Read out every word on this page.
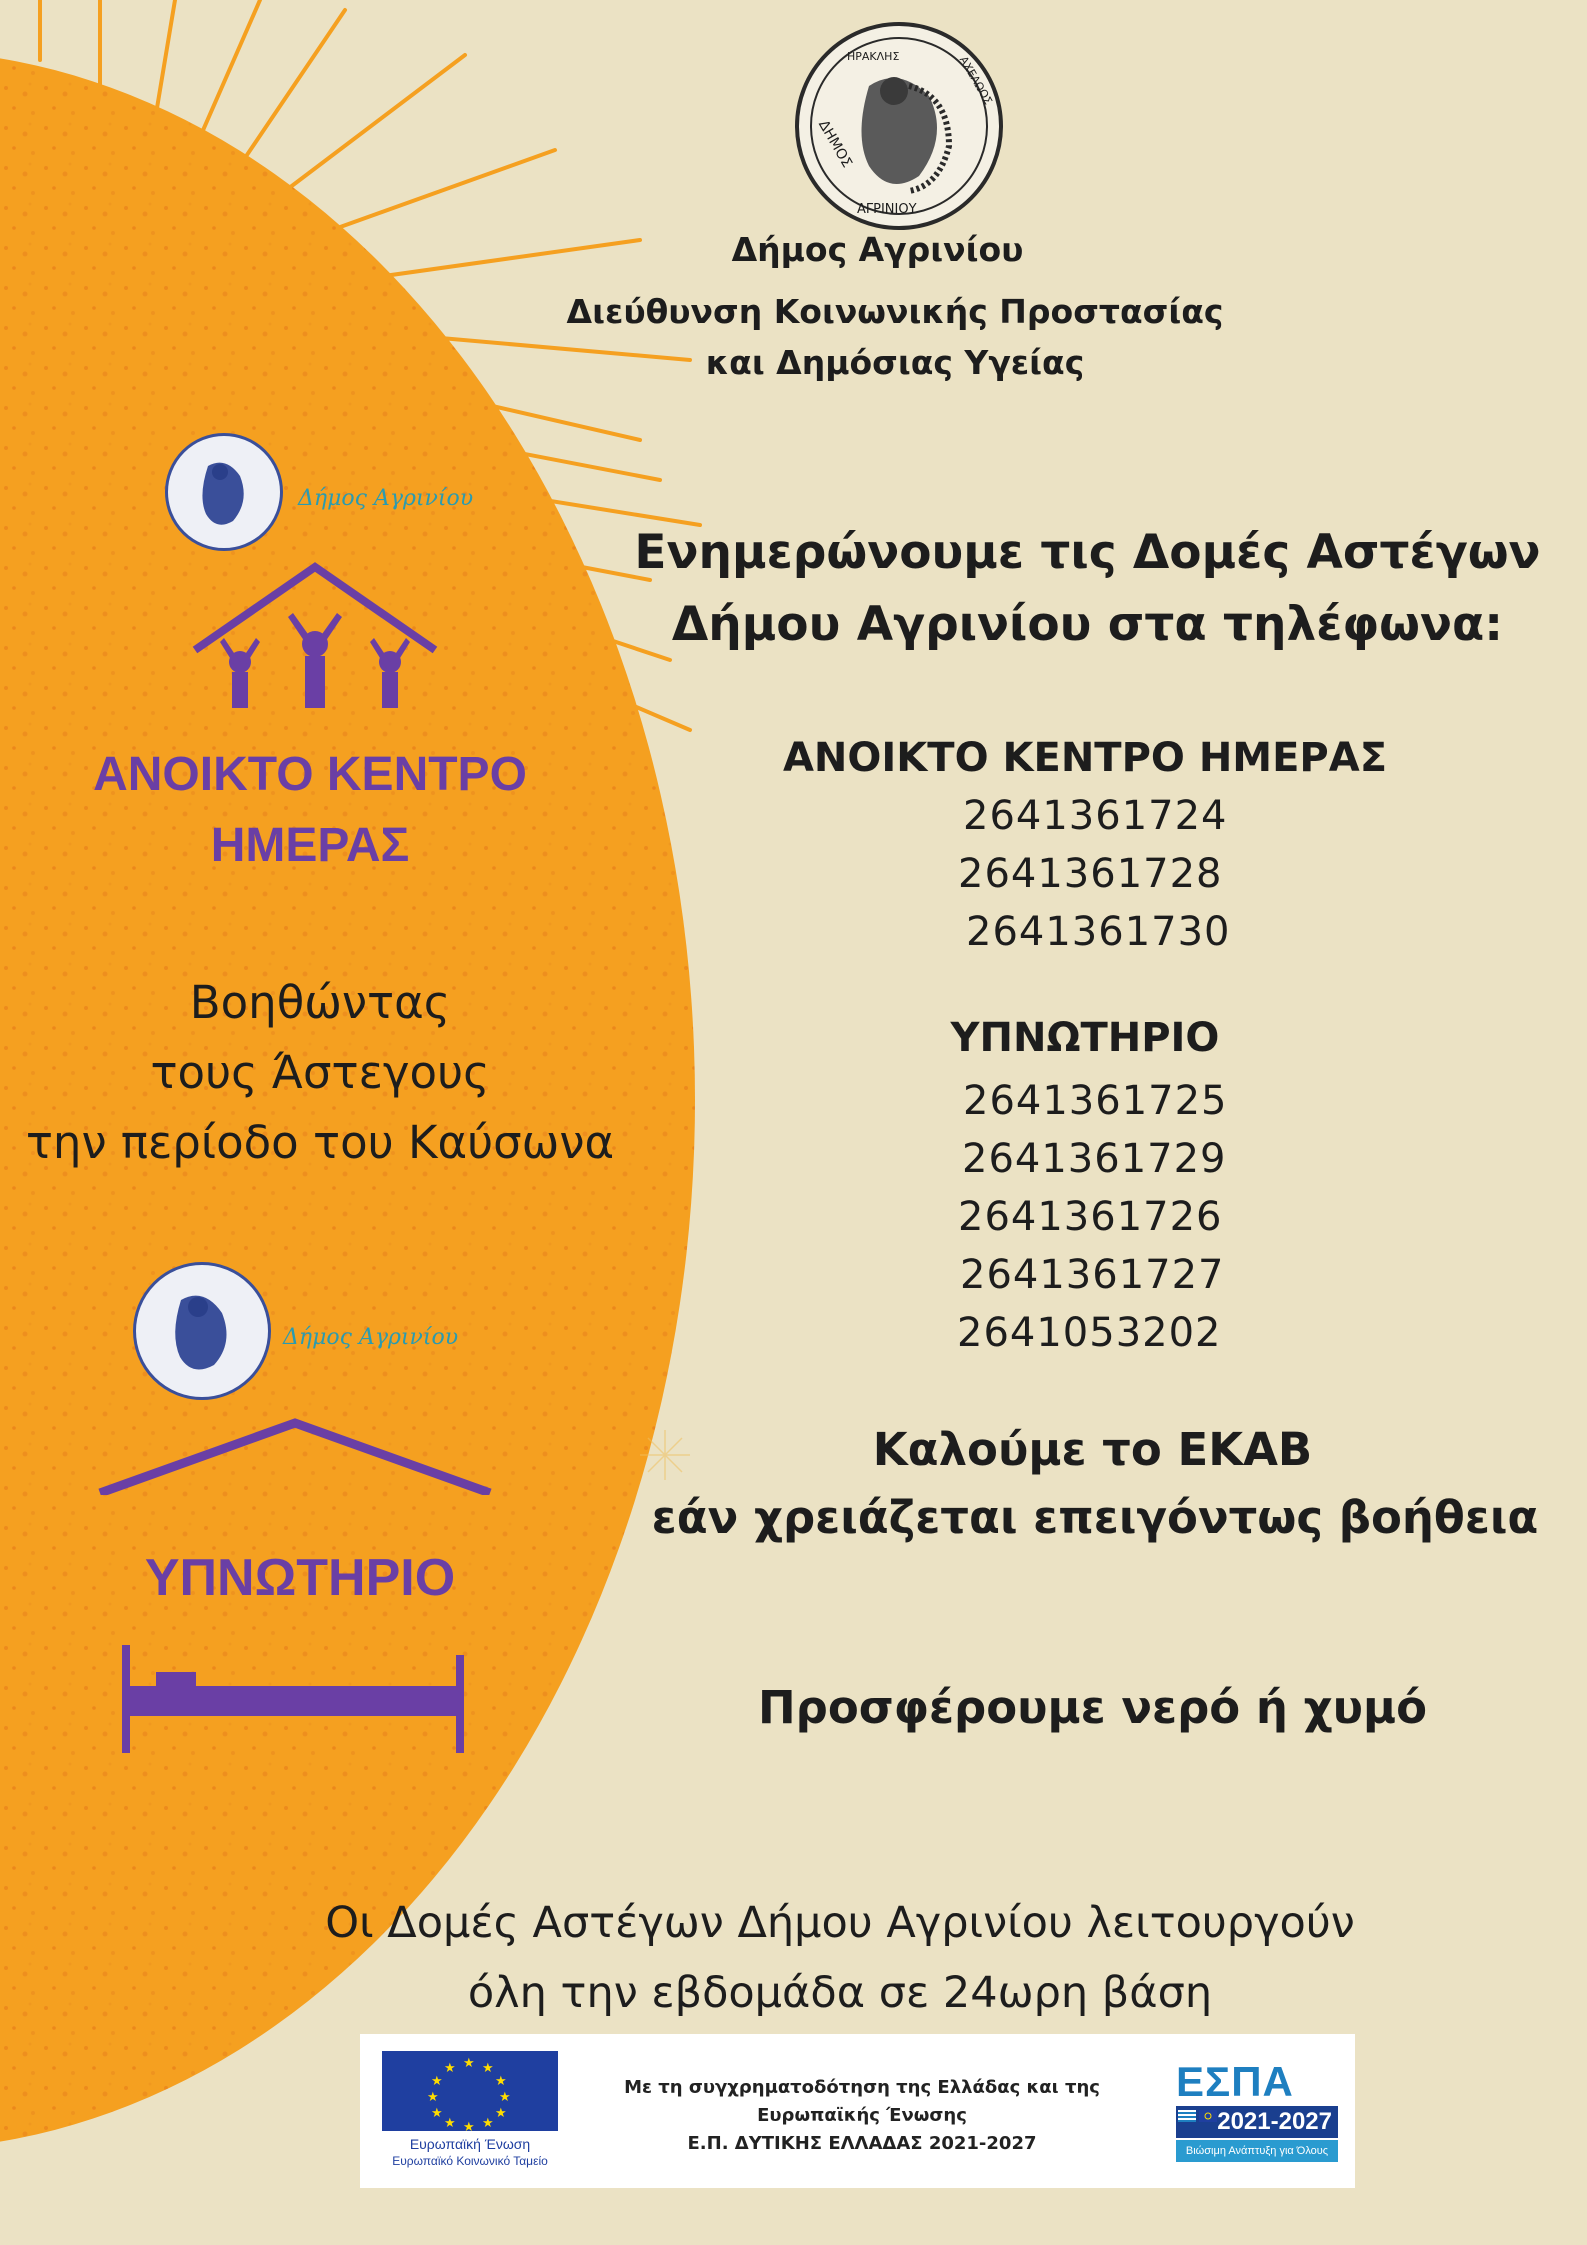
ΗΡΑΚΛΗΣ
ΔΗΜΟΣ
ΑΓΡΙΝΙΟΥ
ΑΧΕΛΩΟΣ
Δήμος Αγρινίου
Διεύθυνση Κοινωνικής Προστασίας
και Δημόσιας Υγείας
Δήμος Αγρινίου
ΑΝΟΙΚΤΟ ΚΕΝΤΡΟ
ΗΜΕΡΑΣ
Βοηθώντας
τους Άστεγους
την περίοδο του Καύσωνα
Δήμος Αγρινίου
ΥΠΝΩΤΗΡΙΟ
Ενημερώνουμε τις Δομές Αστέγων
Δήμου Αγρινίου στα τηλέφωνα:
ΑΝΟΙΚΤΟ ΚΕΝΤΡΟ ΗΜΕΡΑΣ
2641361724
2641361728
2641361730
ΥΠΝΩΤΗΡΙΟ
2641361725
2641361729
2641361726
2641361727
2641053202
Καλούμε το ΕΚΑΒ
εάν χρειάζεται επειγόντως βοήθεια
Προσφέρουμε νερό ή χυμό
Οι Δομές Αστέγων Δήμου Αγρινίου λειτουργούν
όλη την εβδομάδα σε 24ωρη βάση
★ ★
★
★
★
★
★
★
★
★
★
★
Ευρωπαϊκή Ένωση
Ευρωπαϊκό Κοινωνικό Ταμείο
Με τη συγχρηματοδότηση της Ελλάδας και της
Ευρωπαϊκής Ένωσης
Ε.Π. ΔΥΤΙΚΗΣ ΕΛΛΑΔΑΣ 2021-2027
ΕΣΠΑ
2021-2027
Βιώσιμη Ανάπτυξη για Όλους
